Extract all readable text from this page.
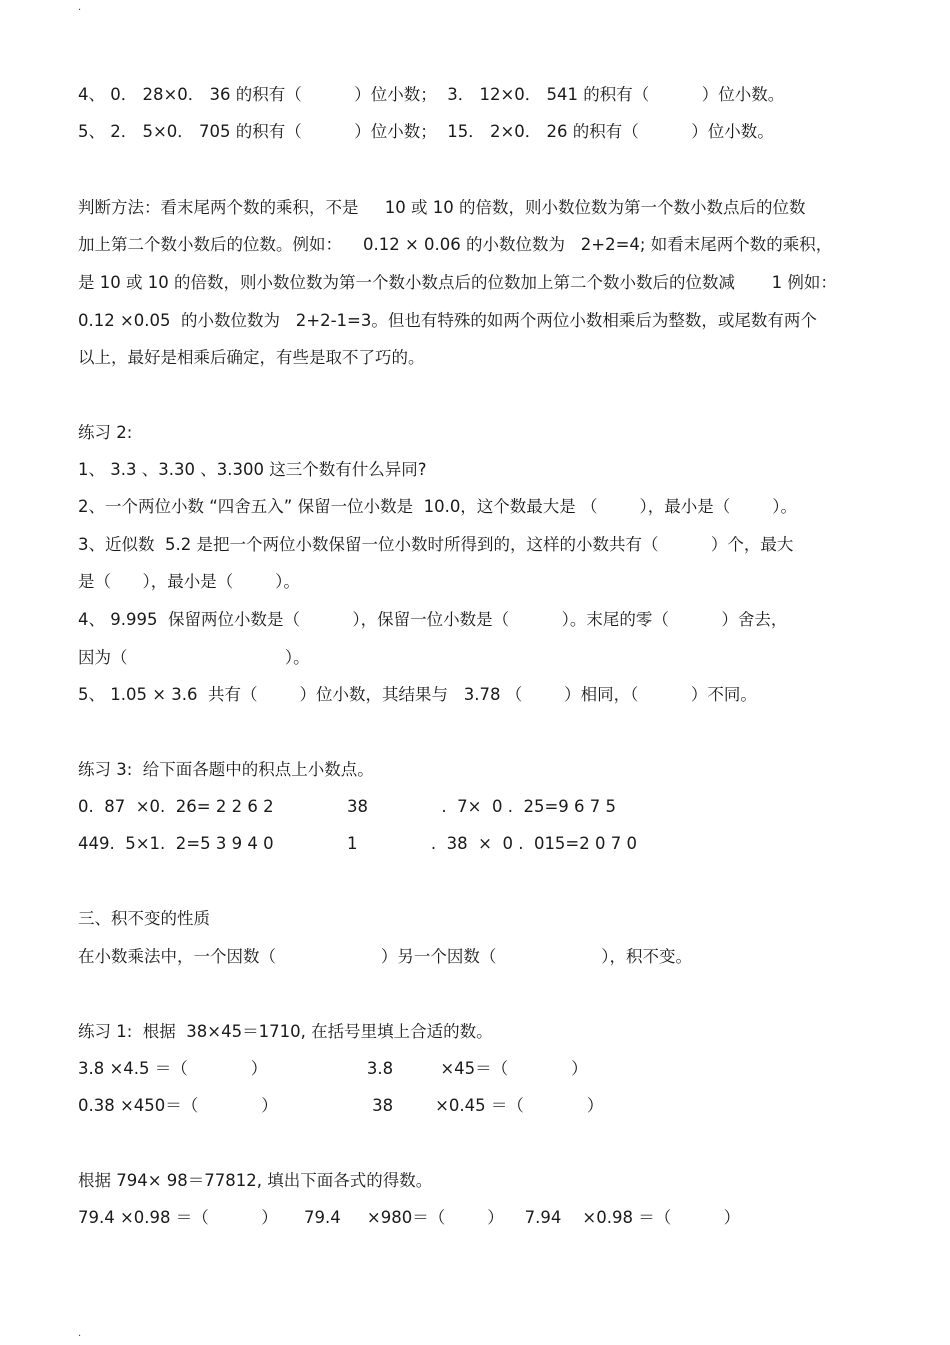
.
4、 0． 28×0． 36 的积有（          ）位小数；  3． 12×0． 541 的积有（          ）位小数。
5、 2． 5×0． 705 的积有（          ）位小数；  15． 2×0． 26 的积有（          ）位小数。
判断方法：看末尾两个数的乘积，不是     10 或 10 的倍数，则小数位数为第一个数小数点后的位数
加上第二个数小数后的位数。例如：    0.12 × 0.06 的小数位数为   2+2=4; 如看末尾两个数的乘积，
是 10 或 10 的倍数，则小数位数为第一个数小数点后的位数加上第二个数小数后的位数减       1 例如：
0.12 ×0.05  的小数位数为   2+2-1=3。但也有特殊的如两个两位小数相乘后为整数，或尾数有两个
以上，最好是相乘后确定，有些是取不了巧的。
练习 2:
1、 3.3 、3.30 、3.300 这三个数有什么异同?
2、一个两位小数 “四舍五入” 保留一位小数是  10.0，这个数最大是 （        ），最小是（        ）。
3、近似数  5.2 是把一个两位小数保留一位小数时所得到的，这样的小数共有（          ）个，最大
是（      ），最小是（        ）。
4、 9.995  保留两位小数是（          ），保留一位小数是（          ）。末尾的零（          ）舍去，
因为（                              ）。
5、 1.05 × 3.6  共有（        ）位小数，其结果与   3.78 （        ）相同，（          ）不同。
练习 3:  给下面各题中的积点上小数点。
0.  87  ×0.  26= 2 2 6 2              38              .  7×  0 .  25=9 6 7 5
449.  5×1.  2=5 3 9 4 0              1              .  38  ×  0 .  015=2 0 7 0
三、积不变的性质
在小数乘法中，一个因数（                    ）另一个因数（                    ），积不变。
练习 1:  根据  38×45＝1710, 在括号里填上合适的数。
3.8 ×4.5 ＝（            ）                   3.8         ×45＝（            ）
0.38 ×450＝（            ）                  38        ×0.45 ＝（            ）
根据 794× 98＝77812, 填出下面各式的得数。
79.4 ×0.98 ＝（          ）     79.4     ×980＝（        ）    7.94    ×0.98 ＝（          ）
.
